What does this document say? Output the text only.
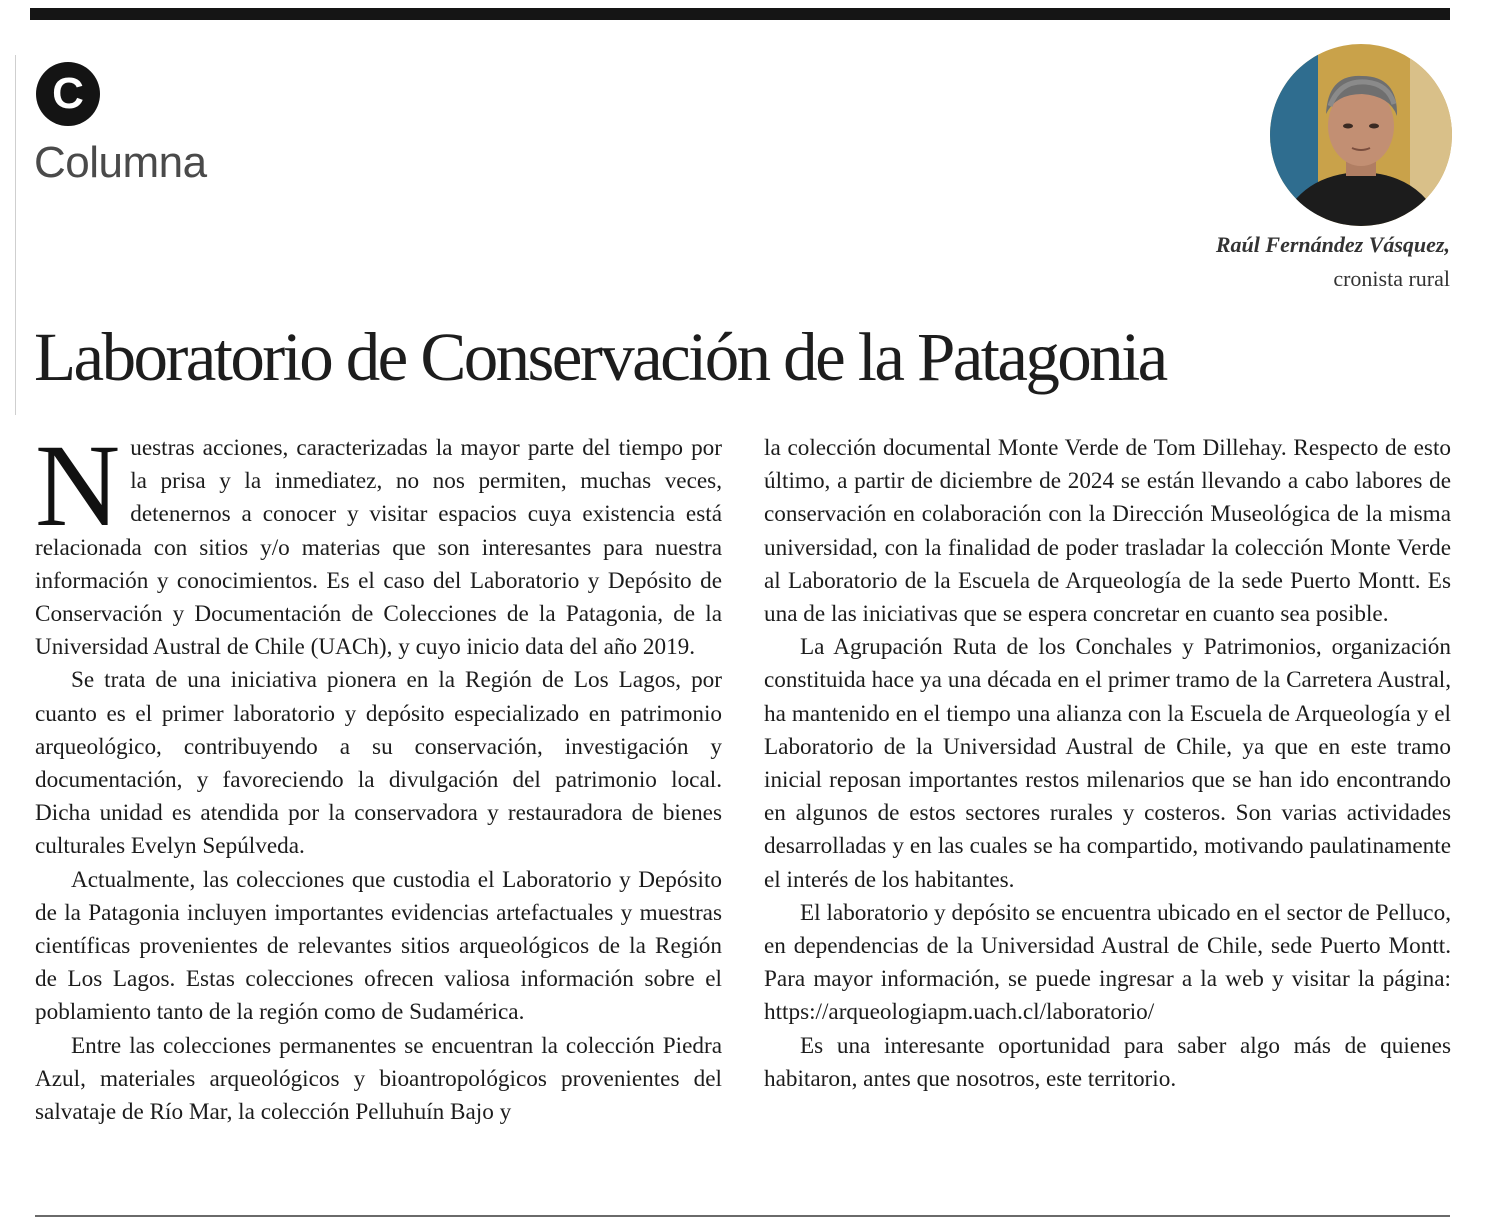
C
Columna
Raúl Fernández Vásquez,
cronista rural
Laboratorio de Conservación de la Patagonia

Nuestras acciones, caracterizadas la mayor parte del tiempo por la prisa y la inmediatez, no nos permiten, muchas veces, detenernos a conocer y visitar espacios cuya existencia está relacionada con sitios y/o materias que son interesantes para nuestra información y conocimientos. Es el caso del Laboratorio y Depósito de Conservación y Documentación de Colecciones de la Patagonia, de la Universidad Austral de Chile (UACh), y cuyo inicio data del año 2019.

Se trata de una iniciativa pionera en la Región de Los Lagos, por cuanto es el primer laboratorio y depósito especializado en patrimonio arqueológico, contribuyendo a su conservación, investigación y documentación, y favoreciendo la divulgación del patrimonio local. Dicha unidad es atendida por la conservadora y restauradora de bienes culturales Evelyn Sepúlveda.

Actualmente, las colecciones que custodia el Laboratorio y Depósito de la Patagonia incluyen importantes evidencias artefactuales y muestras científicas provenientes de relevantes sitios arqueológicos de la Región de Los Lagos. Estas colecciones ofrecen valiosa información sobre el poblamiento tanto de la región como de Sudamérica.

Entre las colecciones permanentes se encuentran la colección Piedra Azul, materiales arqueológicos y bioantropológicos provenientes del salvataje de Río Mar, la colección Pelluhuín Bajo y

la colección documental Monte Verde de Tom Dillehay. Respecto de esto último, a partir de diciembre de 2024 se están llevando a cabo labores de conservación en colaboración con la Dirección Museológica de la misma universidad, con la finalidad de poder trasladar la colección Monte Verde al Laboratorio de la Escuela de Arqueología de la sede Puerto Montt. Es una de las iniciativas que se espera concretar en cuanto sea posible.

La Agrupación Ruta de los Conchales y Patrimonios, organización constituida hace ya una década en el primer tramo de la Carretera Austral, ha mantenido en el tiempo una alianza con la Escuela de Arqueología y el Laboratorio de la Universidad Austral de Chile, ya que en este tramo inicial reposan importantes restos milenarios que se han ido encontrando en algunos de estos sectores rurales y costeros. Son varias actividades desarrolladas y en las cuales se ha compartido, motivando paulatinamente el interés de los habitantes.

El laboratorio y depósito se encuentra ubicado en el sector de Pelluco, en dependencias de la Universidad Austral de Chile, sede Puerto Montt. Para mayor información, se puede ingresar a la web y visitar la página: https://arqueologiapm.uach.cl/laboratorio/

Es una interesante oportunidad para saber algo más de quienes habitaron, antes que nosotros, este territorio.
